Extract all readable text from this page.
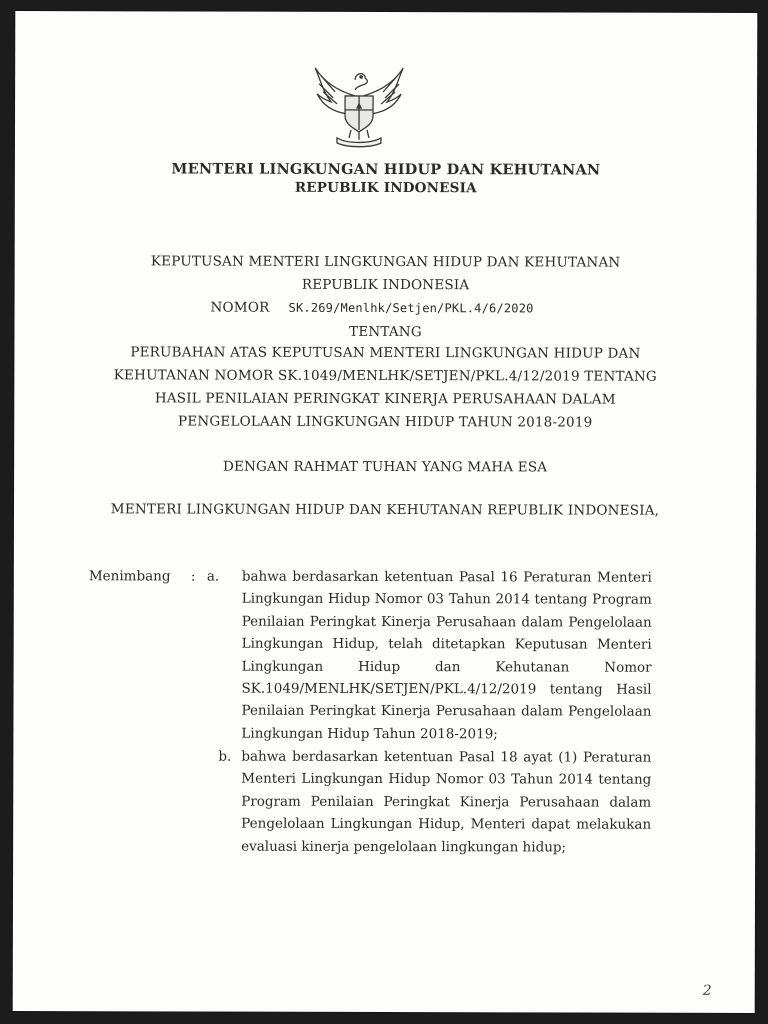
MENTERI LINGKUNGAN HIDUP DAN KEHUTANAN
REPUBLIK INDONESIA
KEPUTUSAN MENTERI LINGKUNGAN HIDUP DAN KEHUTANAN
REPUBLIK INDONESIA
NOMOR SK.269/Menlhk/Setjen/PKL.4/6/2020
TENTANG
PERUBAHAN ATAS KEPUTUSAN MENTERI LINGKUNGAN HIDUP DAN
KEHUTANAN NOMOR SK.1049/MENLHK/SETJEN/PKL.4/12/2019 TENTANG
HASIL PENILAIAN PERINGKAT KINERJA PERUSAHAAN DALAM
PENGELOLAAN LINGKUNGAN HIDUP TAHUN 2018-2019
DENGAN RAHMAT TUHAN YANG MAHA ESA
MENTERI LINGKUNGAN HIDUP DAN KEHUTANAN REPUBLIK INDONESIA,
Menimbang : a. bahwa berdasarkan ketentuan Pasal 16 Peraturan Menteri Lingkungan Hidup Nomor 03 Tahun 2014 tentang Program Penilaian Peringkat Kinerja Perusahaan dalam Pengelolaan Lingkungan Hidup, telah ditetapkan Keputusan Menteri Lingkungan Hidup dan Kehutanan Nomor SK.1049/MENLHK/SETJEN/PKL.4/12/2019 tentang Hasil Penilaian Peringkat Kinerja Perusahaan dalam Pengelolaan Lingkungan Hidup Tahun 2018-2019;
b. bahwa berdasarkan ketentuan Pasal 18 ayat (1) Peraturan Menteri Lingkungan Hidup Nomor 03 Tahun 2014 tentang Program Penilaian Peringkat Kinerja Perusahaan dalam Pengelolaan Lingkungan Hidup, Menteri dapat melakukan evaluasi kinerja pengelolaan lingkungan hidup;
2
